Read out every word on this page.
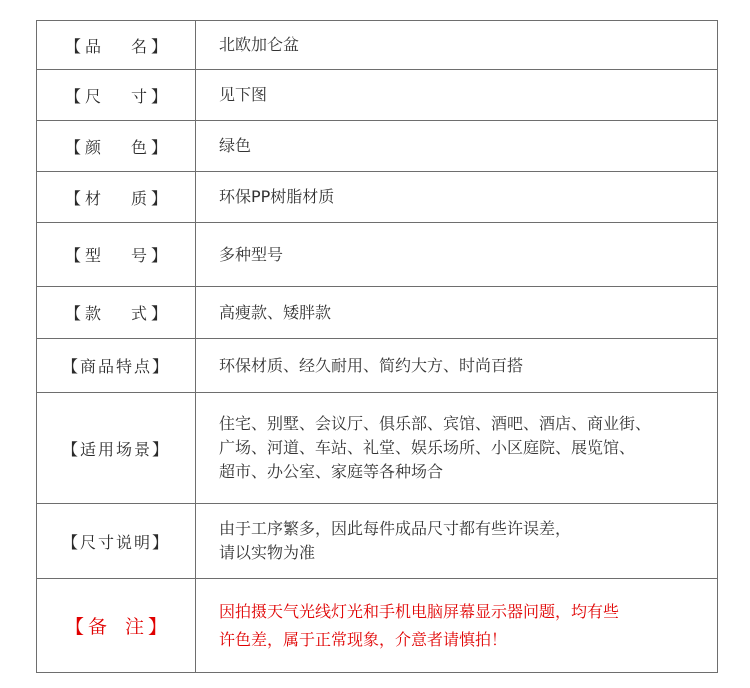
【 品 名 】	北欧加仑盆

【 尺 寸 】	见下图

【 颜 色 】	绿色

【 材 质 】	环保PP树脂材质

【 型 号 】	多种型号

【 款 式 】	高瘦款、矮胖款

【商品特点】	环保材质、经久耐用、简约大方、时尚百搭

【适用场景】	住宅、别墅、会议厅、俱乐部、宾馆、酒吧、酒店、商业街、
广场、河道、车站、礼堂、娱乐场所、小区庭院、展览馆、
超市、办公室、家庭等各种场合

【尺寸说明】	由于工序繁多，因此每件成品尺寸都有些许误差，
请以实物为准

【 备 注 】	因拍摄天气光线灯光和手机电脑屏幕显示器问题，均有些
许色差，属于正常现象，介意者请慎拍！
